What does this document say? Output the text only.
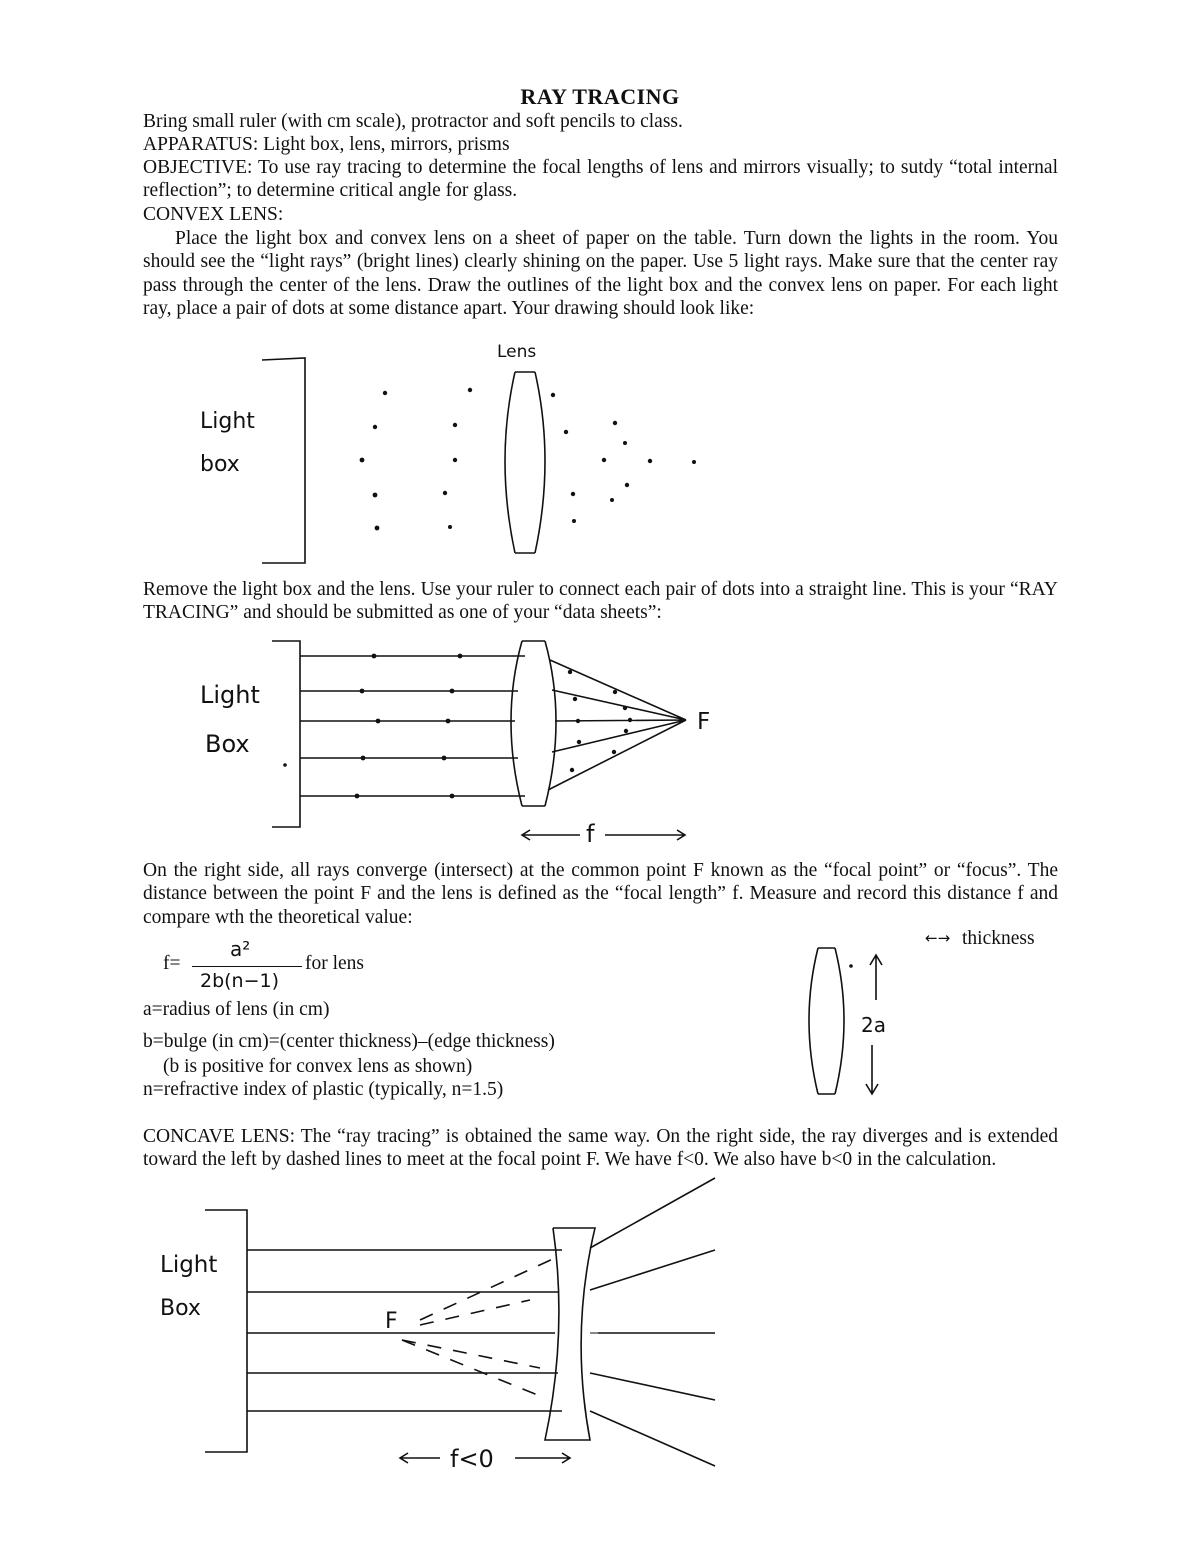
RAY TRACING
Bring small ruler (with cm scale), protractor and soft pencils to class.
APPARATUS: Light box, lens, mirrors, prisms
OBJECTIVE: To use ray tracing to determine the focal lengths of lens and mirrors visually; to sutdy “total internal reflection”; to determine critical angle for glass.
CONVEX LENS:
Place the light box and convex lens on a sheet of paper on the table. Turn down the lights in the room. You should see the “light rays” (bright lines) clearly shining on the paper. Use 5 light rays. Make sure that the center ray pass through the center of the lens. Draw the outlines of the light box and the convex lens on paper. For each light ray, place a pair of dots at some distance apart. Your drawing should look like:
Lens
Light
box
Remove the light box and the lens. Use your ruler to connect each pair of dots into a straight line. This is your “RAY TRACING” and should be submitted as one of your “data sheets”:
Light
Box
F
f
On the right side, all rays converge (intersect) at the common point F known as the “focal point” or “focus”. The distance between the point F and the lens is defined as the “focal length” f. Measure and record this distance f and compare wth the theoretical value:
f=
a²
2b(n−1)
for lens
a=radius of lens (in cm)
b=bulge (in cm)=(center thickness)–(edge thickness)
(b is positive for convex lens as shown)
n=refractive index of plastic (typically, n=1.5)
2a
←→ thickness
CONCAVE LENS: The “ray tracing” is obtained the same way. On the right side, the ray diverges and is extended toward the left by dashed lines to meet at the focal point F. We have f<0. We also have b<0 in the calculation.
Light
Box
F
f<0
